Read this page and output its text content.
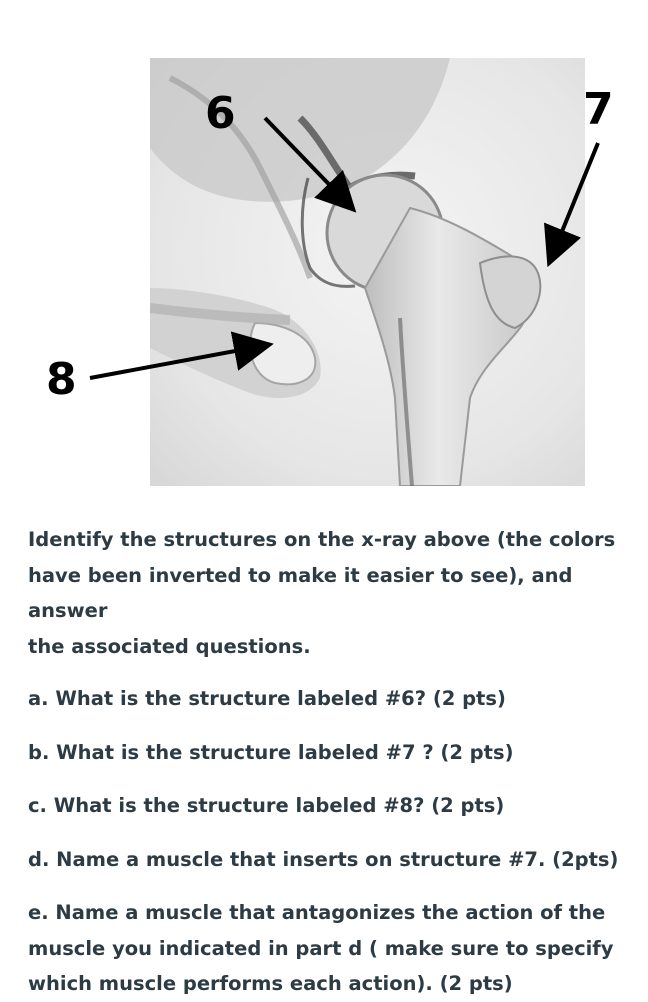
6	7
8

Identify the structures on the x-ray above (the colors
have been inverted to make it easier to see), and answer
the associated questions.

a. What is the structure labeled #6? (2 pts)

b. What is the structure labeled #7 ? (2 pts)

c. What is the structure labeled #8? (2 pts)

d. Name a muscle that inserts on structure #7. (2pts)

e. Name a muscle that antagonizes the action of the
muscle you indicated in part d ( make sure to specify
which muscle performs each action). (2 pts)
